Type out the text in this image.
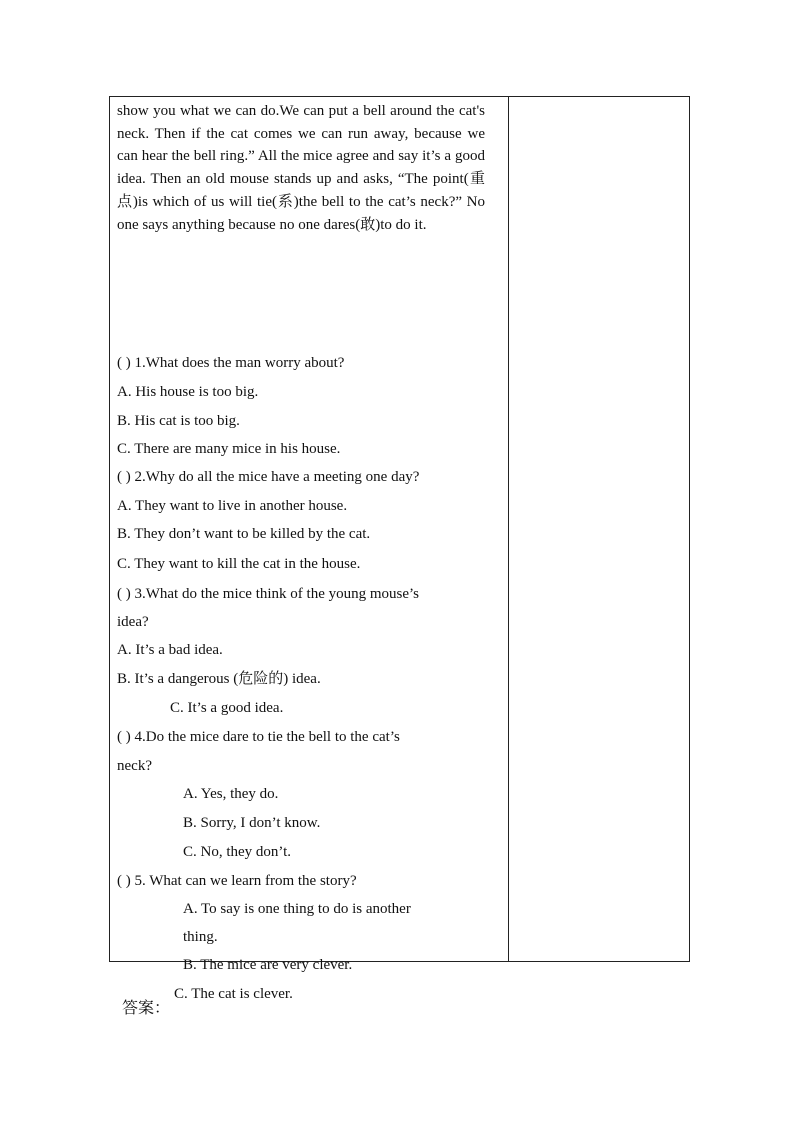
show you what we can do.We can put a bell around the cat's neck. Then if the cat comes we can run away, because we can hear the bell ring.” All the mice agree and say it’s a good idea. Then an old mouse stands up and asks, “The point(重点)is which of us will tie(系)the bell to the cat’s neck?” No one says anything because no one dares(敢)to do it.

( ) 1.What does the man worry about?
A. His house is too big.
B. His cat is too big.
C. There are many mice in his house.
( ) 2.Why do all the mice have a meeting one day?
A. They want to live in another house.
B. They don’t want to be killed by the cat.
C. They want to kill the cat in the house.
( ) 3.What do the mice think of the young mouse’s
idea?
A. It’s a bad idea.
B. It’s a dangerous (危险的) idea.
C. It’s a good idea.
( ) 4.Do the mice dare to tie the bell to the cat’s
neck?
A. Yes, they do.
B. Sorry, I don’t know.
C. No, they don’t.
( ) 5. What can we learn from the story?
A. To say is one thing to do is another
thing.
B. The mice are very clever.
C. The cat is clever.
答案：
